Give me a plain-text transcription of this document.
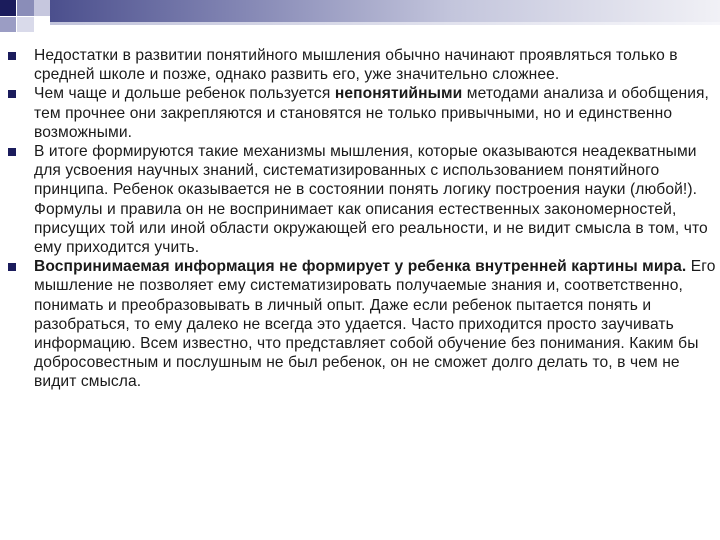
Недостатки в развитии понятийного мышления обычно начинают проявляться только в средней школе и позже, однако развить его, уже значительно сложнее.

Чем чаще и дольше ребенок пользуется непонятийными методами анализа и обобщения, тем прочнее они закрепляются и становятся не только привычными, но и единственно возможными.

В итоге формируются такие механизмы мышления, которые оказываются неадекватными для усвоения научных знаний, систематизированных с использованием понятийного принципа. Ребенок оказывается не в состоянии понять логику построения науки (любой!). Формулы и правила он не воспринимает как описания естественных закономерностей, присущих той или иной области окружающей его реальности, и не видит смысла в том, что ему приходится учить.

Воспринимаемая информация не формирует у ребенка внутренней картины мира. Его мышление не позволяет ему систематизировать получаемые знания и, соответственно, понимать и преобразовывать в личный опыт. Даже если ребенок пытается понять и разобраться, то ему далеко не всегда это удается. Часто приходится просто заучивать информацию. Всем известно, что представляет собой обучение без понимания. Каким бы добросовестным и послушным не был ребенок, он не сможет долго делать то, в чем не видит смысла.
